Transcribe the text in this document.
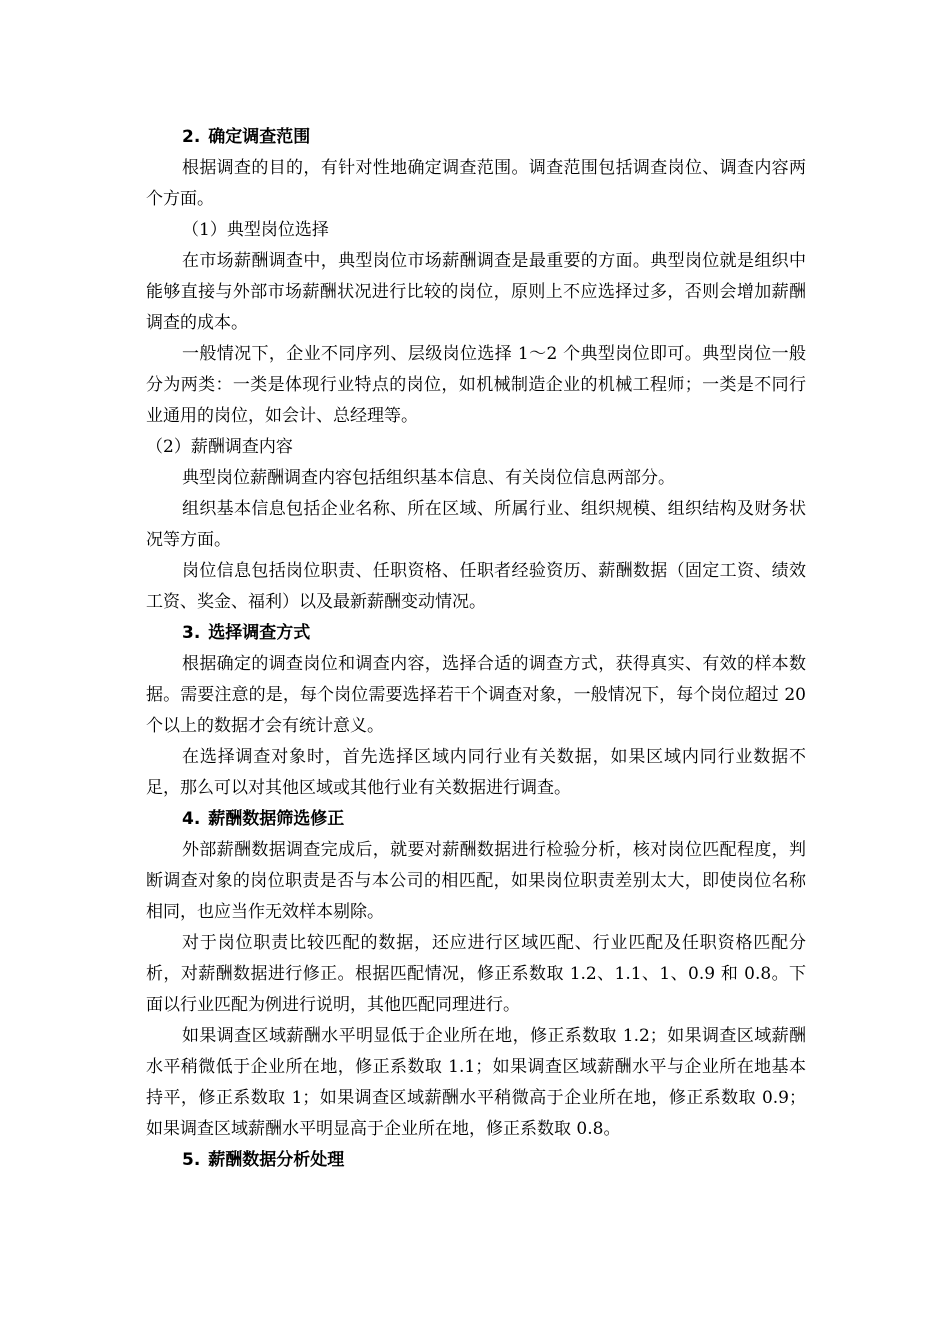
2. 确定调查范围

根据调查的目的，有针对性地确定调查范围。调查范围包括调查岗位、调查内容两个方面。

（1）典型岗位选择

在市场薪酬调查中，典型岗位市场薪酬调查是最重要的方面。典型岗位就是组织中能够直接与外部市场薪酬状况进行比较的岗位，原则上不应选择过多，否则会增加薪酬调查的成本。

一般情况下，企业不同序列、层级岗位选择 1～2 个典型岗位即可。典型岗位一般分为两类：一类是体现行业特点的岗位，如机械制造企业的机械工程师；一类是不同行业通用的岗位，如会计、总经理等。

（2）薪酬调查内容

典型岗位薪酬调查内容包括组织基本信息、有关岗位信息两部分。

组织基本信息包括企业名称、所在区域、所属行业、组织规模、组织结构及财务状况等方面。

岗位信息包括岗位职责、任职资格、任职者经验资历、薪酬数据（固定工资、绩效工资、奖金、福利）以及最新薪酬变动情况。

3. 选择调查方式

根据确定的调查岗位和调查内容，选择合适的调查方式，获得真实、有效的样本数据。需要注意的是，每个岗位需要选择若干个调查对象，一般情况下，每个岗位超过 20 个以上的数据才会有统计意义。

在选择调查对象时，首先选择区域内同行业有关数据，如果区域内同行业数据不足，那么可以对其他区域或其他行业有关数据进行调查。

4. 薪酬数据筛选修正

外部薪酬数据调查完成后，就要对薪酬数据进行检验分析，核对岗位匹配程度，判断调查对象的岗位职责是否与本公司的相匹配，如果岗位职责差别太大，即使岗位名称相同，也应当作无效样本剔除。

对于岗位职责比较匹配的数据，还应进行区域匹配、行业匹配及任职资格匹配分析，对薪酬数据进行修正。根据匹配情况，修正系数取 1.2、1.1、1、0.9 和 0.8。下面以行业匹配为例进行说明，其他匹配同理进行。

如果调查区域薪酬水平明显低于企业所在地，修正系数取 1.2；如果调查区域薪酬水平稍微低于企业所在地，修正系数取 1.1；如果调查区域薪酬水平与企业所在地基本持平，修正系数取 1；如果调查区域薪酬水平稍微高于企业所在地，修正系数取 0.9；如果调查区域薪酬水平明显高于企业所在地，修正系数取 0.8。

5. 薪酬数据分析处理
